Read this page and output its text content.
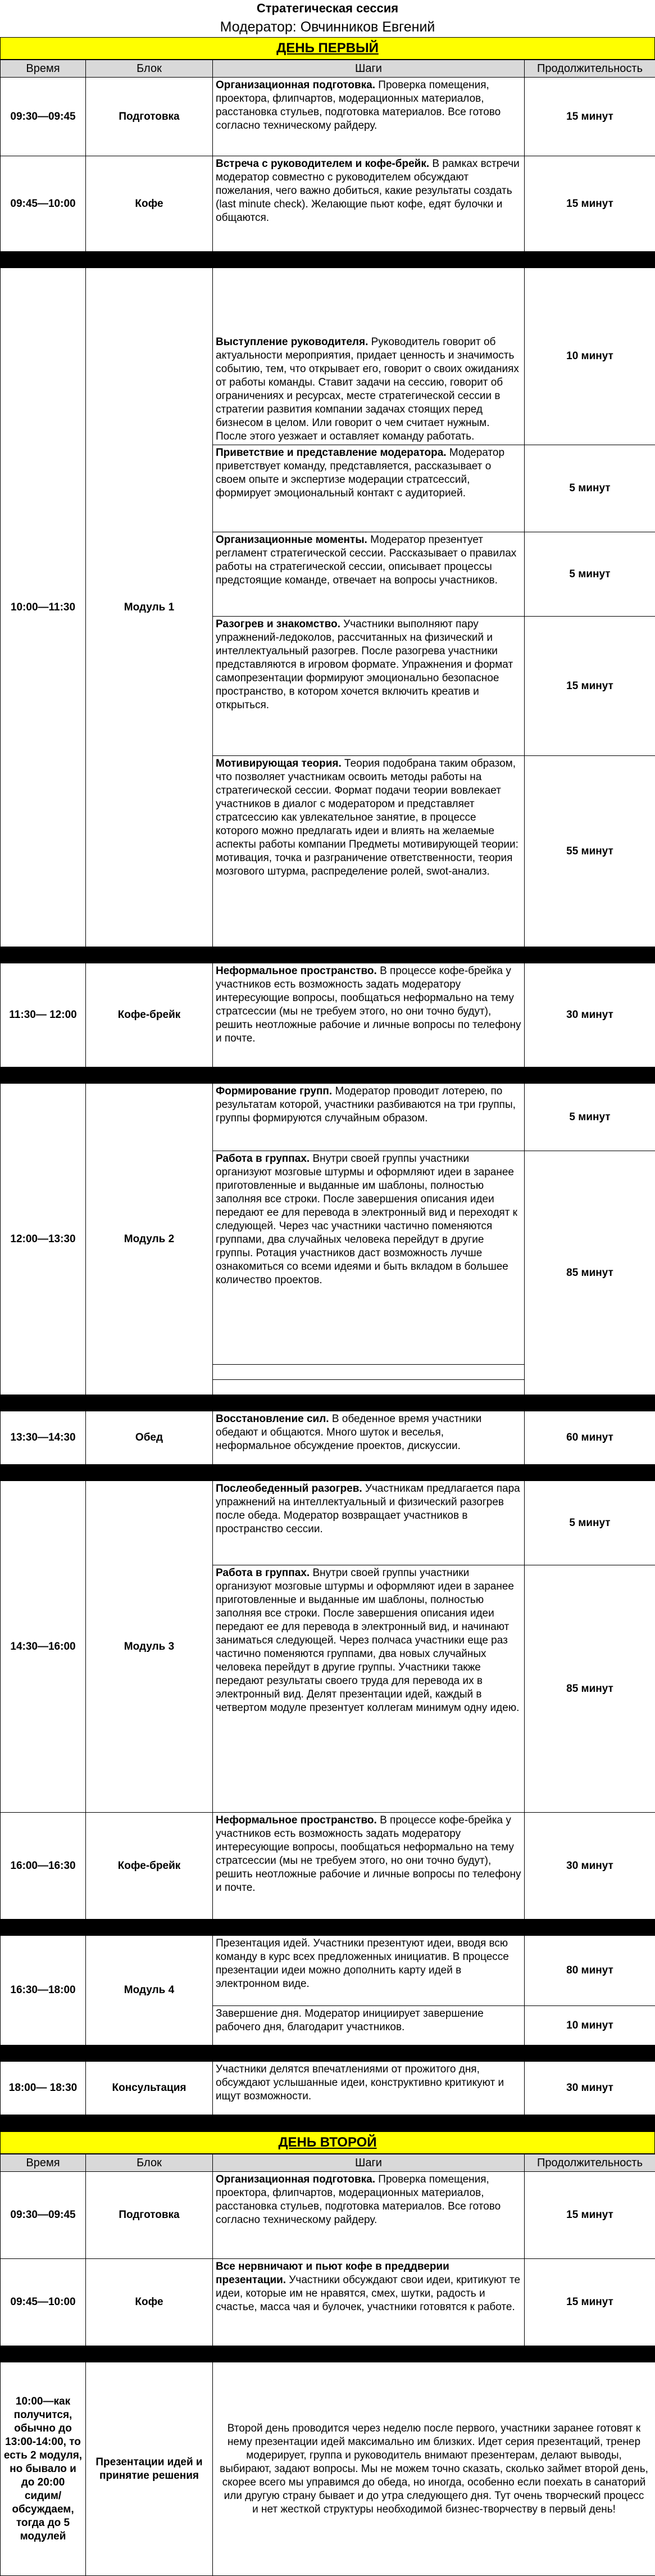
Стратегическая сессия
Модератор: Овчинников Евгений
ДЕНЬ ПЕРВЫЙ
Время	Блок	Шаги	Продолжительность
09:30—09:45	Подготовка	Организационная подготовка. Проверка помещения, проектора, флипчартов, модерационных материалов, расстановка стульев, подготовка материалов. Все готово согласно техническому райдеру.	15 минут
09:45—10:00	Кофе	Встреча с руководителем и кофе-брейк. В рамках встречи модератор совместно с руководителем обсуждают пожелания, чего важно добиться, какие результаты создать (last minute check). Желающие пьют кофе, едят булочки и общаются.	15 минут

10:00—11:30	Модуль 1	Выступление руководителя. Руководитель говорит об актуальности мероприятия, придает ценность и значимость событию, тем, что открывает его, говорит о своих ожиданиях от работы команды. Ставит задачи на сессию, говорит об ограничениях и ресурсах, месте стратегической сессии в стратегии развития компании задачах стоящих перед бизнесом в целом. Или говорит о чем считает нужным. После этого уезжает и оставляет команду работать.	10 минут
		Приветствие и представление модератора. Модератор приветствует команду, представляется, рассказывает о своем опыте и экспертизе модерации стратсессий, формирует эмоциональный контакт с аудиторией.	5 минут
		Организационные моменты. Модератор презентует регламент стратегической сессии. Рассказывает о правилах работы на стратегической сессии, описывает процессы предстоящие команде, отвечает на вопросы участников.	5 минут
		Разогрев и знакомство. Участники выполняют пару упражнений-ледоколов, рассчитанных на физический и интеллектуальный разогрев. После разогрева участники представляются в игровом формате. Упражнения и формат самопрезентации формируют эмоционально безопасное пространство, в котором хочется включить креатив и открыться.	15 минут
		Мотивирующая теория. Теория подобрана таким образом, что позволяет участникам освоить методы работы на стратегической сессии. Формат подачи теории вовлекает участников в диалог с модератором и представляет стратсессию как увлекательное занятие, в процессе которого можно предлагать идеи и влиять на желаемые аспекты работы компании Предметы мотивирующей теории: мотивация, точка и разграничение ответственности, теория мозгового штурма, распределение ролей, swot-анализ.	55 минут

11:30— 12:00	Кофе-брейк	Неформальное пространство. В процессе кофе-брейка у участников есть возможность задать модератору интересующие вопросы, пообщаться неформально на тему стратсессии (мы не требуем этого, но они точно будут), решить неотложные рабочие и личные вопросы по телефону и почте.	30 минут

12:00—13:30	Модуль 2	Формирование групп. Модератор проводит лотерею, по результатам которой, участники разбиваются на три группы, группы формируются случайным образом.	5 минут
		Работа в группах. Внутри своей группы участники организуют мозговые штурмы и оформляют идеи в заранее приготовленные и выданные им шаблоны, полностью заполняя все строки. После завершения описания идеи передают ее для перевода в электронный вид и переходят к следующей. Через час участники частично поменяются группами, два случайных человека перейдут в другие группы. Ротация участников даст возможность лучше ознакомиться со всеми идеями и быть вкладом в большее количество проектов.	85 минут

13:30—14:30	Обед	Восстановление сил. В обеденное время участники обедают и общаются. Много шуток и веселья, неформальное обсуждение проектов, дискуссии.	60 минут

14:30—16:00	Модуль 3	Послеобеденный разогрев. Участникам предлагается пара упражнений на интеллектуальный и физический разогрев после обеда. Модератор возвращает участников в пространство сессии.	5 минут
		Работа в группах. Внутри своей группы участники организуют мозговые штурмы и оформляют идеи в заранее приготовленные и выданные им шаблоны, полностью заполняя все строки. После завершения описания идеи передают ее для перевода в электронный вид, и начинают заниматься следующей. Через полчаса участники еще раз частично поменяются группами, два новых случайных человека перейдут в другие группы. Участники также передают результаты своего труда для перевода их в электронный вид. Делят презентации идей, каждый в четвертом модуле презентует коллегам минимум одну идею.	85 минут
16:00—16:30	Кофе-брейк	Неформальное пространство. В процессе кофе-брейка у участников есть возможность задать модератору интересующие вопросы, пообщаться неформально на тему стратсессии (мы не требуем этого, но они точно будут), решить неотложные рабочие и личные вопросы по телефону и почте.	30 минут

16:30—18:00	Модуль 4	Презентация идей. Участники презентуют идеи, вводя всю команду в курс всех предложенных инициатив. В процессе презентации идеи можно дополнить карту идей в электронном виде.	80 минут
		Завершение дня. Модератор инициирует завершение рабочего дня, благодарит участников.	10 минут

18:00— 18:30	Консультация	Участники делятся впечатлениями от прожитого дня, обсуждают услышанные идеи, конструктивно критикуют и ищут возможности.	30 минут

ДЕНЬ ВТОРОЙ
Время	Блок	Шаги	Продолжительность
09:30—09:45	Подготовка	Организационная подготовка. Проверка помещения, проектора, флипчартов, модерационных материалов, расстановка стульев, подготовка материалов. Все готово согласно техническому райдеру.	15 минут
09:45—10:00	Кофе	Все нервничают и пьют кофе в преддверии презентации. Участники обсуждают свои идеи, критикуют те идеи, которые им не нравятся, смех, шутки, радость и счастье, масса чая и булочек, участники готовятся к работе.	15 минут

10:00—как получится, обычно до 13:00-14:00, то есть 2 модуля, но бывало и до 20:00 сидим/обсуждаем, тогда до 5 модулей	Презентации идей и принятие решения	Второй день проводится через неделю после первого, участники заранее готовят к нему презентации идей максимально им близких. Идет серия презентаций, тренер модерирует, группа и руководитель внимают презентерам, делают выводы, выбирают, задают вопросы. Мы не можем точно сказать, сколько займет второй день, скорее всего мы управимся до обеда, но иногда, особенно если поехать в санаторий или другую страну бывает и до утра следующего дня. Тут очень творческий процесс и нет жесткой структуры необходимой бизнес-творчеству в первый день!	
